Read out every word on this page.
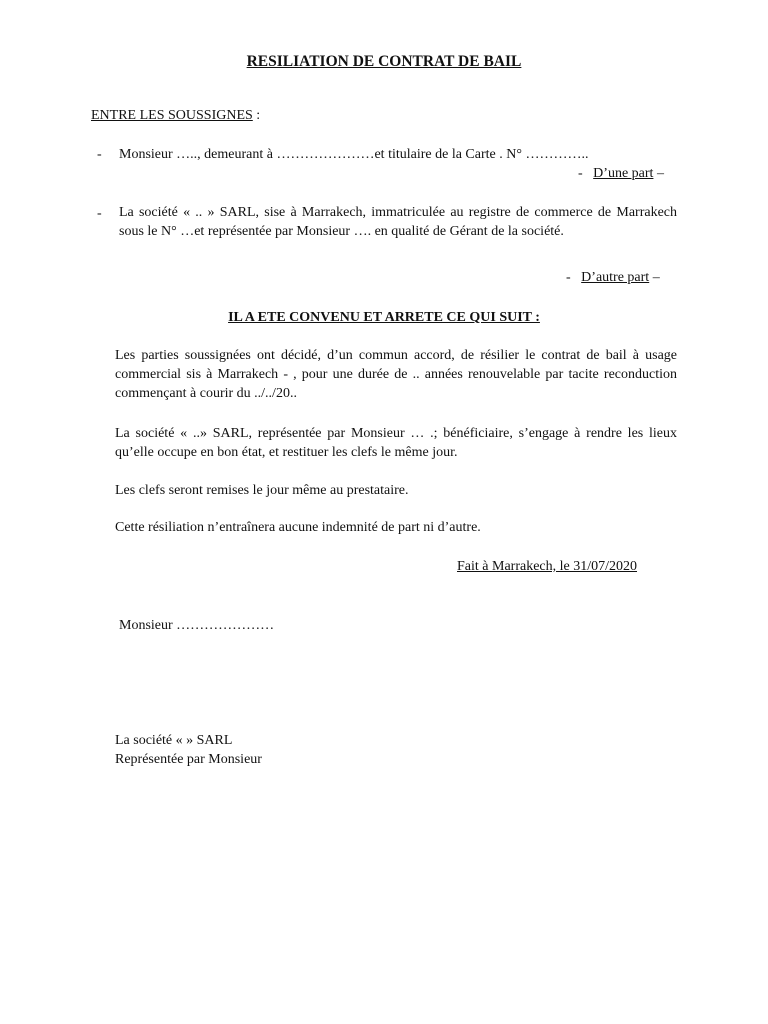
RESILIATION DE CONTRAT DE BAIL
ENTRE LES SOUSSIGNES :
- Monsieur ….., demeurant à …………………et titulaire de la Carte . N° …………..
- D’une part –
- La société « .. » SARL, sise à Marrakech, immatriculée au registre de commerce de Marrakech sous le N° …et représentée par Monsieur …. en qualité de Gérant de la société.
- D’autre part –
IL A ETE CONVENU ET ARRETE CE QUI SUIT :
Les parties soussignées ont décidé, d’un commun accord, de résilier le contrat de bail à usage commercial sis à Marrakech - , pour une durée de .. années renouvelable par tacite reconduction commençant à courir du ../../20..
La société « ..» SARL, représentée par Monsieur … .; bénéficiaire, s’engage à rendre les lieux qu’elle occupe en bon état, et restituer les clefs le même jour.
Les clefs seront remises le jour même au prestataire.
Cette résiliation n’entraînera aucune indemnité de part ni d’autre.
Fait à Marrakech, le 31/07/2020
Monsieur …………………
La société « » SARL
Représentée par Monsieur
